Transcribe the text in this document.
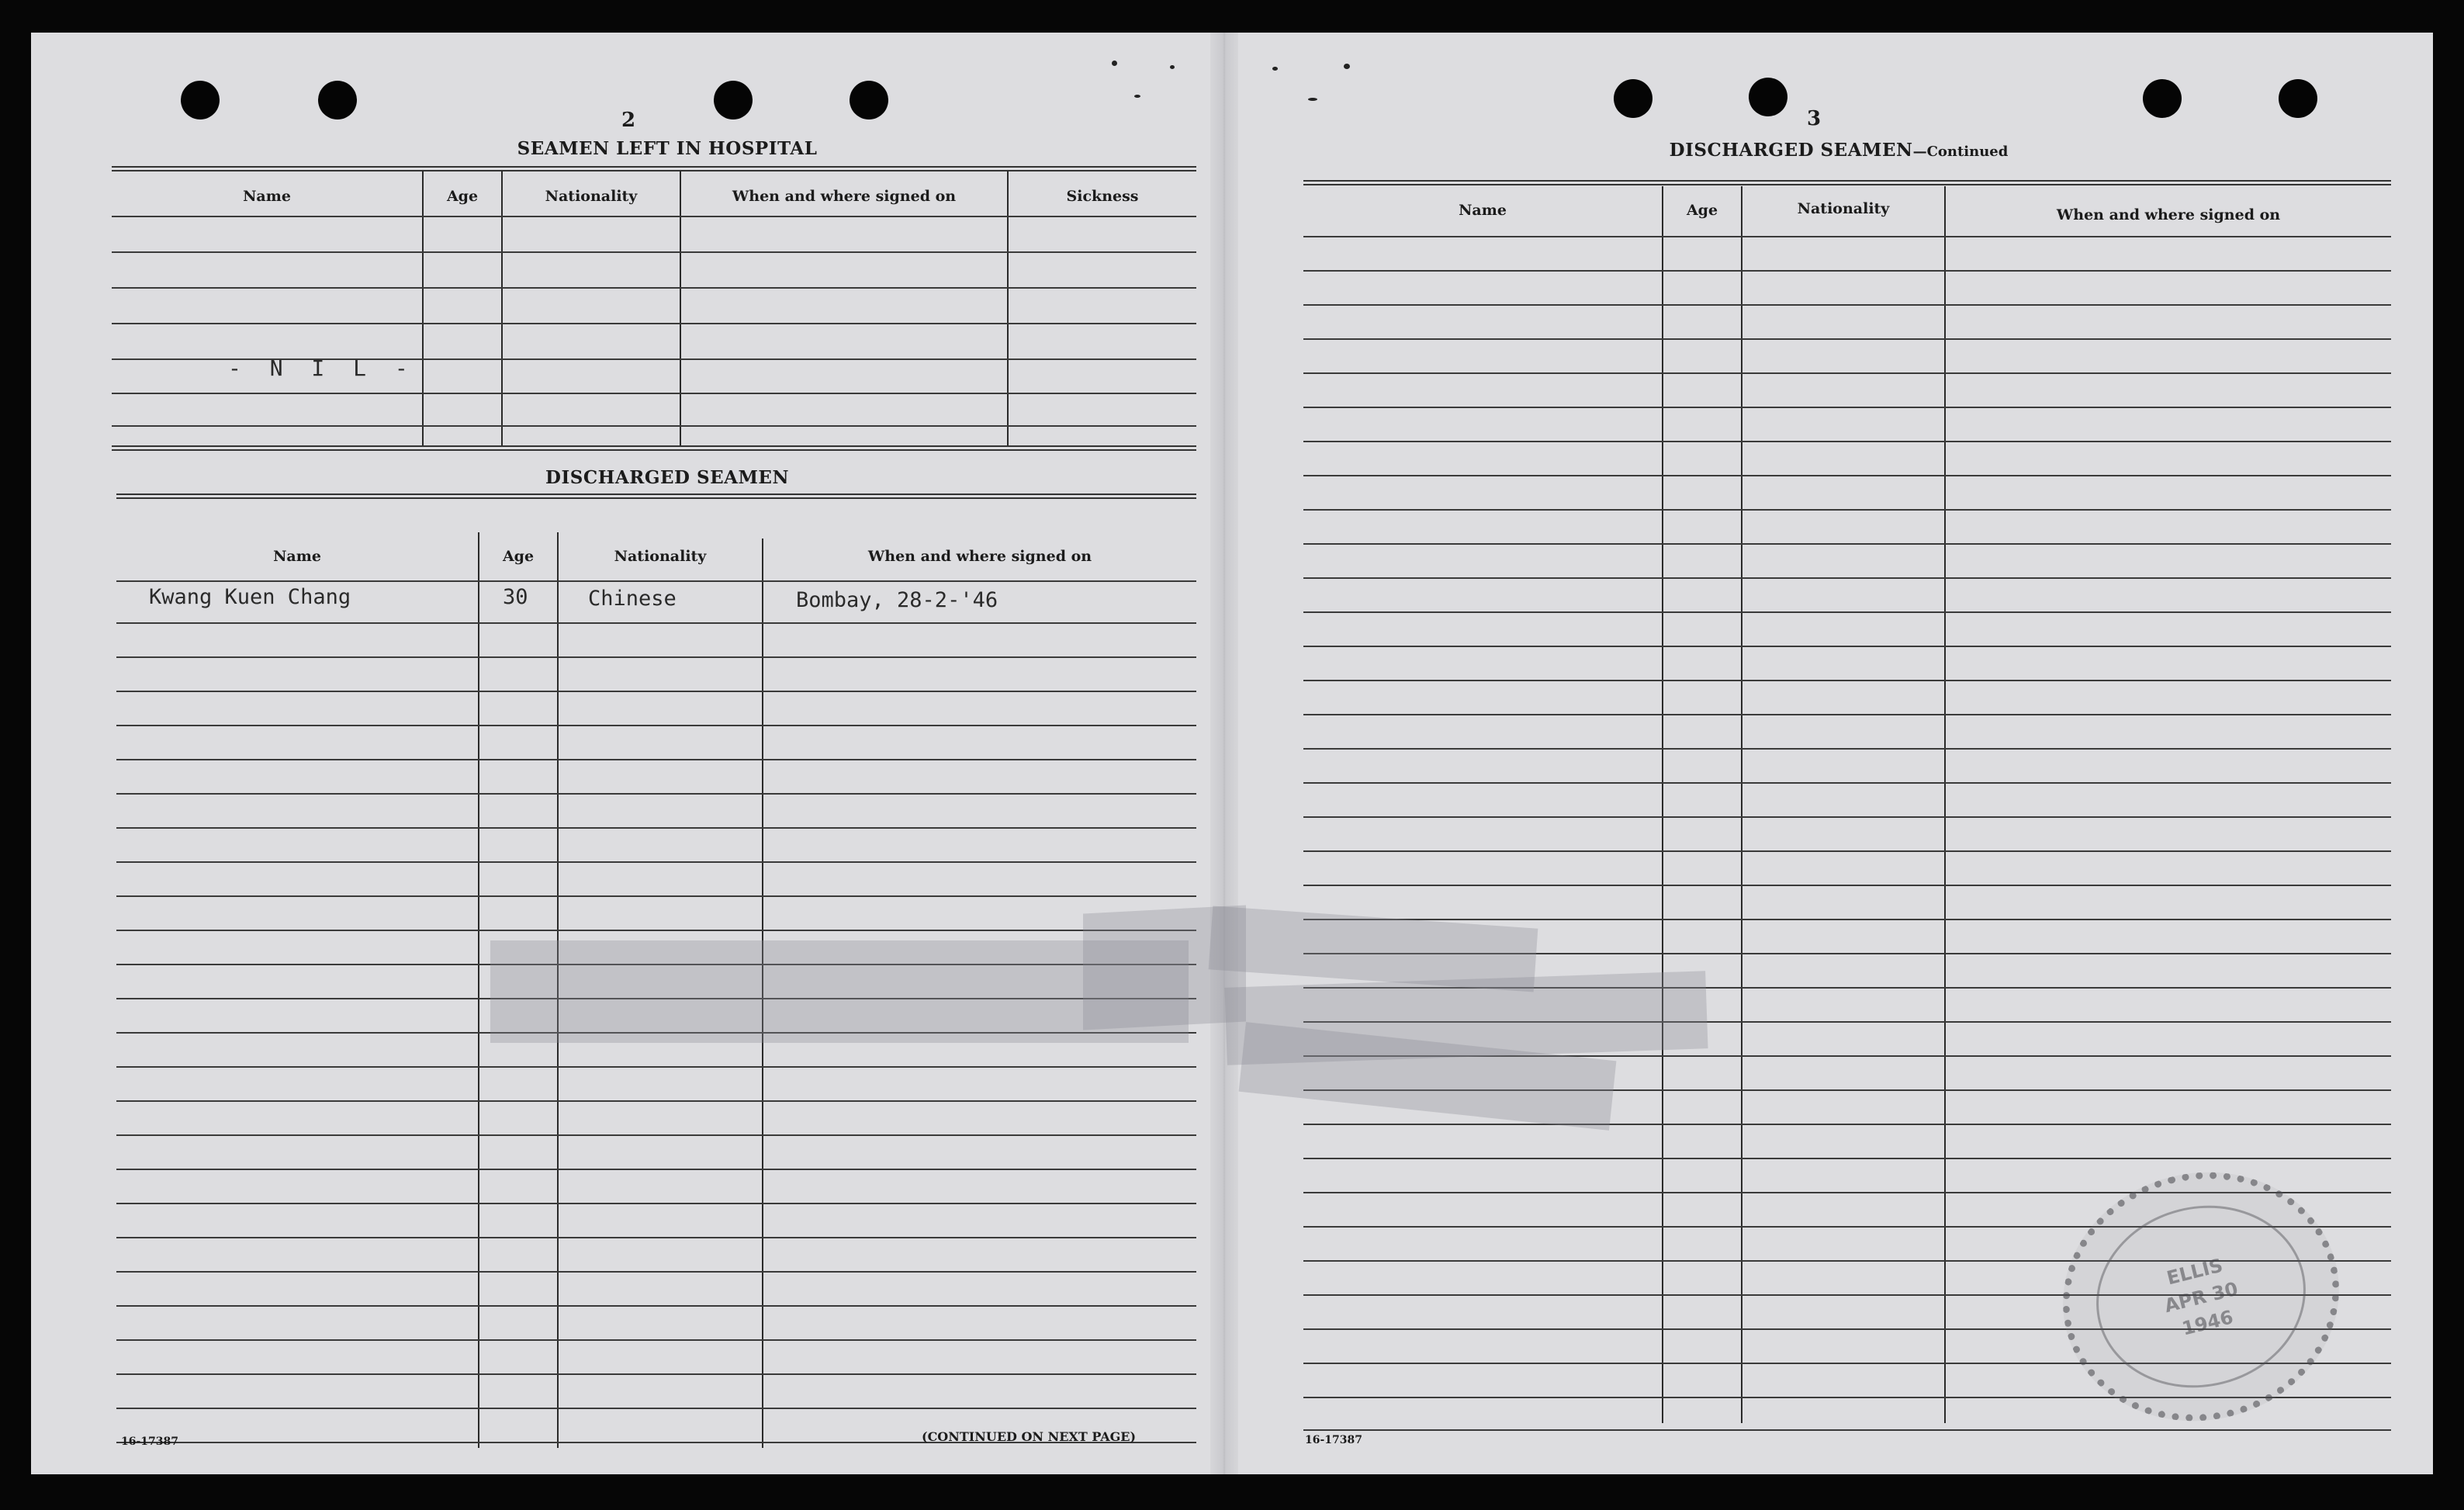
2
SEAMEN LEFT IN HOSPITAL
Name	Age	Nationality	When and where signed on	Sickness
- N I L -
DISCHARGED SEAMEN
Name	Age	Nationality	When and where signed on
Kwang Kuen Chang	30	Chinese	Bombay, 28-2-'46
16-17387	(CONTINUED ON NEXT PAGE)
3
DISCHARGED SEAMEN—Continued
Name	Age	Nationality	When and where signed on
16-17387
ELLIS
APR 30 1946
